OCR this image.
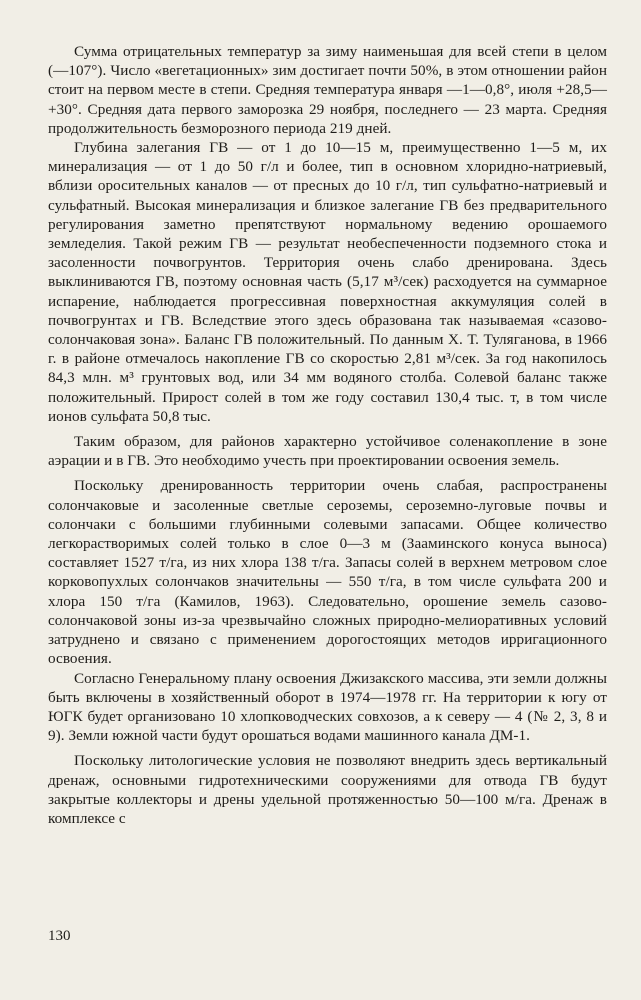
Сумма отрицательных температур за зиму наименьшая для всей степи в целом (—107°). Число «вегетационных» зим достигает почти 50%, в этом отношении район стоит на первом месте в степи. Средняя температура января —1—0,8°, июля +28,5—+30°. Средняя дата первого заморозка 29 ноября, последнего — 23 марта. Средняя продолжительность безморозного периода 219 дней.

Глубина залегания ГВ — от 1 до 10—15 м, преимущественно 1—5 м, их минерализация — от 1 до 50 г/л и более, тип в основном хлоридно-натриевый, вблизи оросительных каналов — от пресных до 10 г/л, тип сульфатно-натриевый и сульфатный. Высокая минерализация и близкое залегание ГВ без предварительного регулирования заметно препятствуют нормальному ведению орошаемого земледелия. Такой режим ГВ — результат необеспеченности подземного стока и засоленности почвогрунтов. Территория очень слабо дренирована. Здесь выклиниваются ГВ, поэтому основная часть (5,17 м³/сек) расходуется на суммарное испарение, наблюдается прогрессивная поверхностная аккумуляция солей в почвогрунтах и ГВ. Вследствие этого здесь образована так называемая «сазово-солончаковая зона». Баланс ГВ положительный. По данным Х. Т. Туляганова, в 1966 г. в районе отмечалось накопление ГВ со скоростью 2,81 м³/сек. За год накопилось 84,3 млн. м³ грунтовых вод, или 34 мм водяного столба. Солевой баланс также положительный. Прирост солей в том же году составил 130,4 тыс. т, в том числе ионов сульфата 50,8 тыс.

Таким образом, для районов характерно устойчивое соленакопление в зоне аэрации и в ГВ. Это необходимо учесть при проектировании освоения земель.

Поскольку дренированность территории очень слабая, распространены солончаковые и засоленные светлые сероземы, сероземно-луговые почвы и солончаки с большими глубинными солевыми запасами. Общее количество легкорастворимых солей только в слое 0—3 м (Зааминского конуса выноса) составляет 1527 т/га, из них хлора 138 т/га. Запасы солей в верхнем метровом слое корковопухлых солончаков значительны — 550 т/га, в том числе сульфата 200 и хлора 150 т/га (Камилов, 1963). Следовательно, орошение земель сазово-солончаковой зоны из-за чрезвычайно сложных природно-мелиоративных условий затруднено и связано с применением дорогостоящих методов ирригационного освоения.

Согласно Генеральному плану освоения Джизакского массива, эти земли должны быть включены в хозяйственный оборот в 1974—1978 гг. На территории к югу от ЮГК будет организовано 10 хлопководческих совхозов, а к северу — 4 (№ 2, 3, 8 и 9). Земли южной части будут орошаться водами машинного канала ДМ-1.

Поскольку литологические условия не позволяют внедрить здесь вертикальный дренаж, основными гидротехническими сооружениями для отвода ГВ будут закрытые коллекторы и дрены удельной протяженностью 50—100 м/га. Дренаж в комплексе с

130
